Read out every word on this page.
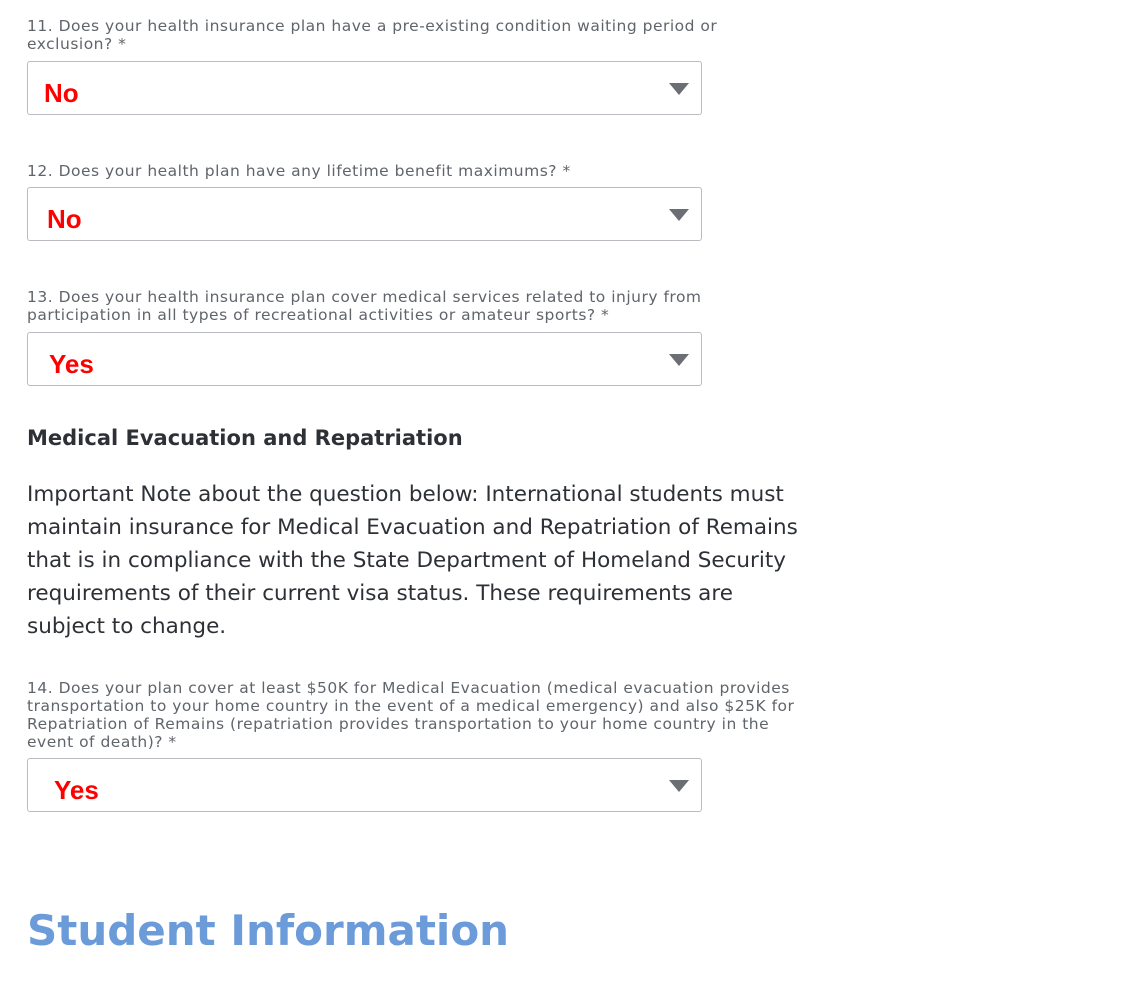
11. Does your health insurance plan have a pre-existing condition waiting period or exclusion? *

No

12. Does your health plan have any lifetime benefit maximums? *

No

13. Does your health insurance plan cover medical services related to injury from participation in all types of recreational activities or amateur sports? *

Yes
Medical Evacuation and Repatriation

Important Note about the question below: International students must maintain insurance for Medical Evacuation and Repatriation of Remains that is in compliance with the State Department of Homeland Security requirements of their current visa status. These requirements are subject to change.

14. Does your plan cover at least $50K for Medical Evacuation (medical evacuation provides transportation to your home country in the event of a medical emergency) and also $25K for Repatriation of Remains (repatriation provides transportation to your home country in the event of death)? *

Yes
Student Information
